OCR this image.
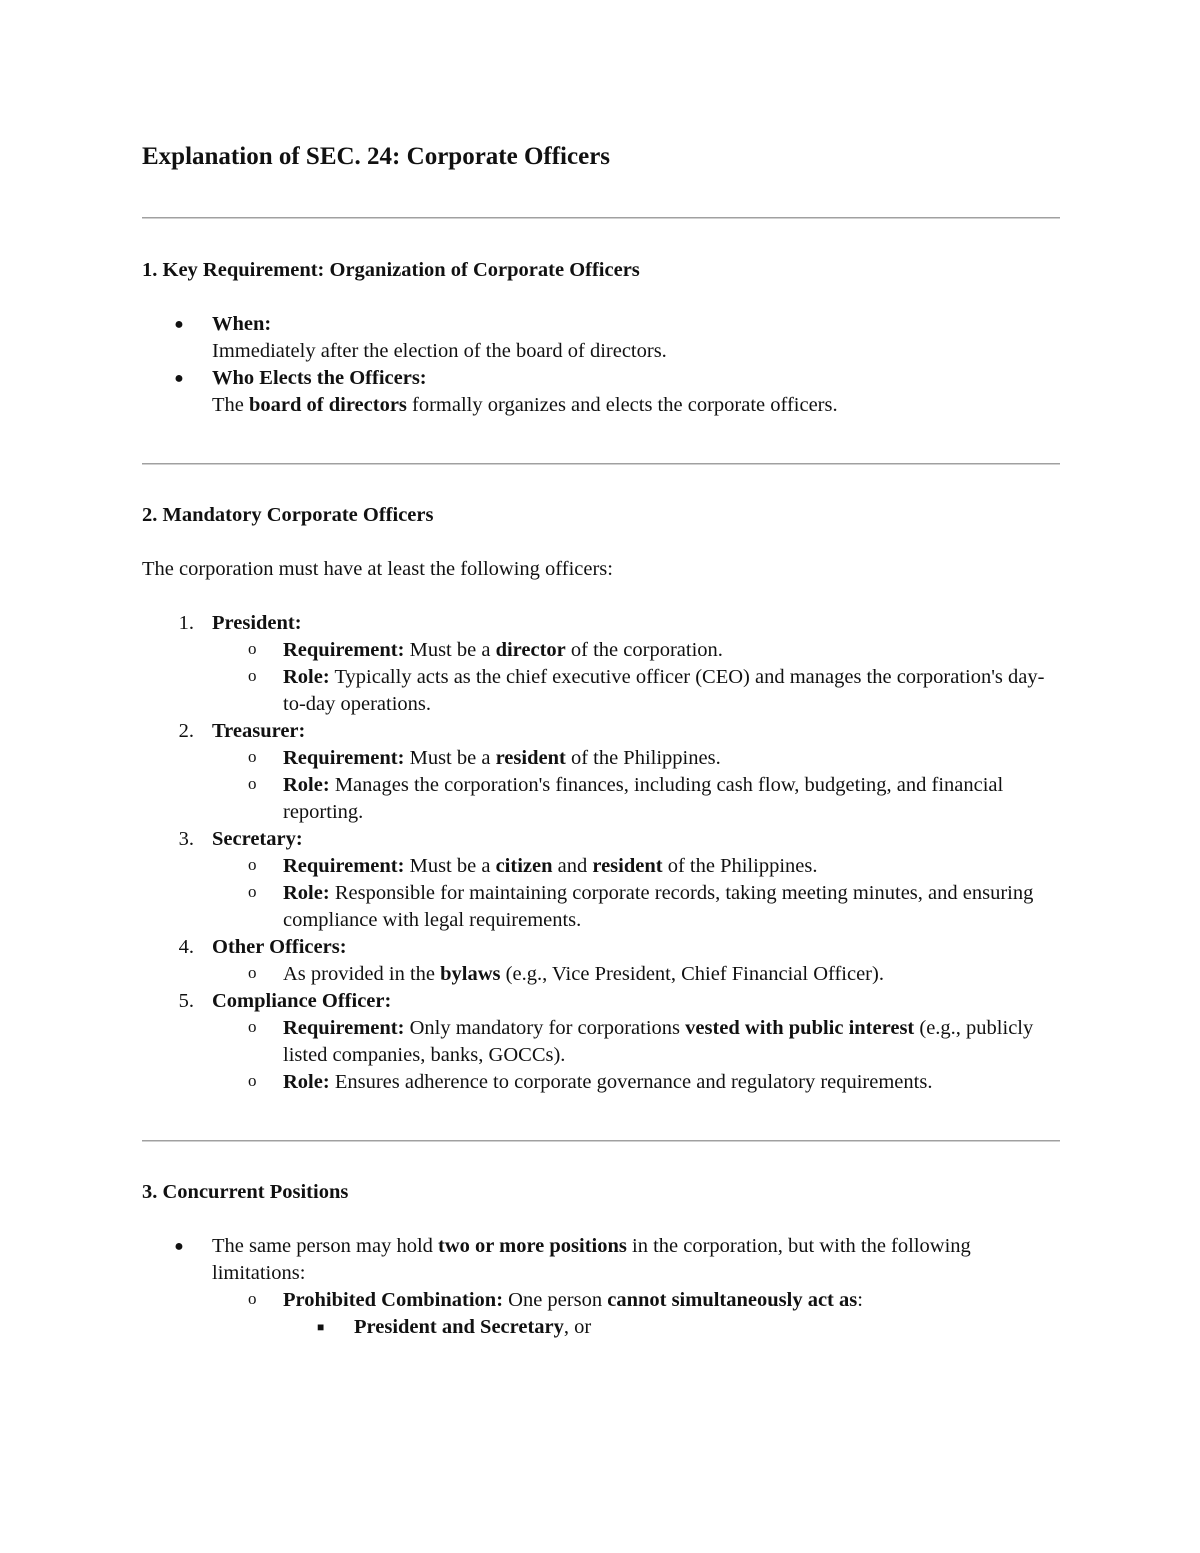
Explanation of SEC. 24: Corporate Officers
1. Key Requirement: Organization of Corporate Officers
● When:
Immediately after the election of the board of directors.
● Who Elects the Officers:
The board of directors formally organizes and elects the corporate officers.
2. Mandatory Corporate Officers

The corporation must have at least the following officers:

1. President:
o Requirement: Must be a director of the corporation.
o Role: Typically acts as the chief executive officer (CEO) and manages the corporation's day-to-day operations.
2. Treasurer:
o Requirement: Must be a resident of the Philippines.
o Role: Manages the corporation's finances, including cash flow, budgeting, and financial reporting.
3. Secretary:
o Requirement: Must be a citizen and resident of the Philippines.
o Role: Responsible for maintaining corporate records, taking meeting minutes, and ensuring compliance with legal requirements.
4. Other Officers:
o As provided in the bylaws (e.g., Vice President, Chief Financial Officer).
5. Compliance Officer:
o Requirement: Only mandatory for corporations vested with public interest (e.g., publicly listed companies, banks, GOCCs).
o Role: Ensures adherence to corporate governance and regulatory requirements.
3. Concurrent Positions
● The same person may hold two or more positions in the corporation, but with the following limitations:
o Prohibited Combination: One person cannot simultaneously act as:
■ President and Secretary, or
